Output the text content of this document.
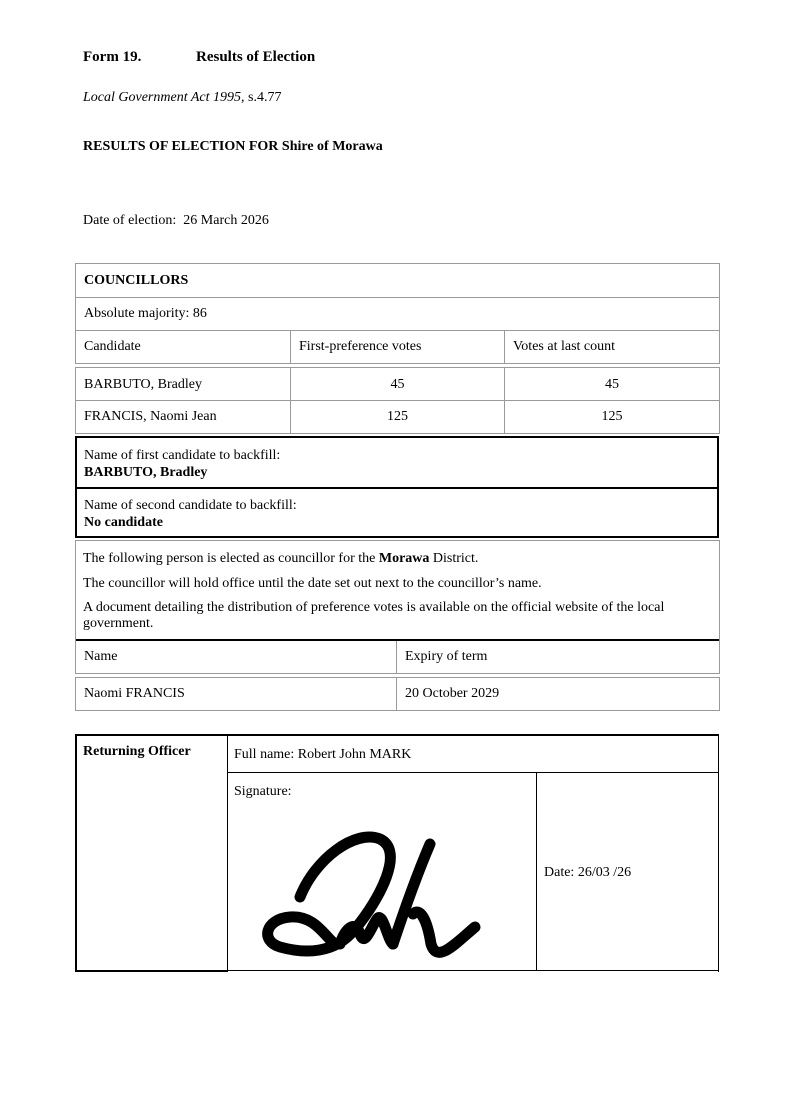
Form 19.	Results of Election
Local Government Act 1995, s.4.77
RESULTS OF ELECTION FOR Shire of Morawa
Date of election: 26 March 2026
COUNCILLORS
Absolute majority: 86
Candidate	First-preference votes	Votes at last count
BARBUTO, Bradley	45	45
FRANCIS, Naomi Jean	125	125
Name of first candidate to backfill:
BARBUTO, Bradley
Name of second candidate to backfill:
No candidate
The following person is elected as councillor for the Morawa District.
The councillor will hold office until the date set out next to the councillor’s name.
A document detailing the distribution of preference votes is available on the official website of the local government.
Name	Expiry of term
Naomi FRANCIS	20 October 2029
Returning Officer	Full name: Robert John MARK
Signature:
Date: 26/03 /26
